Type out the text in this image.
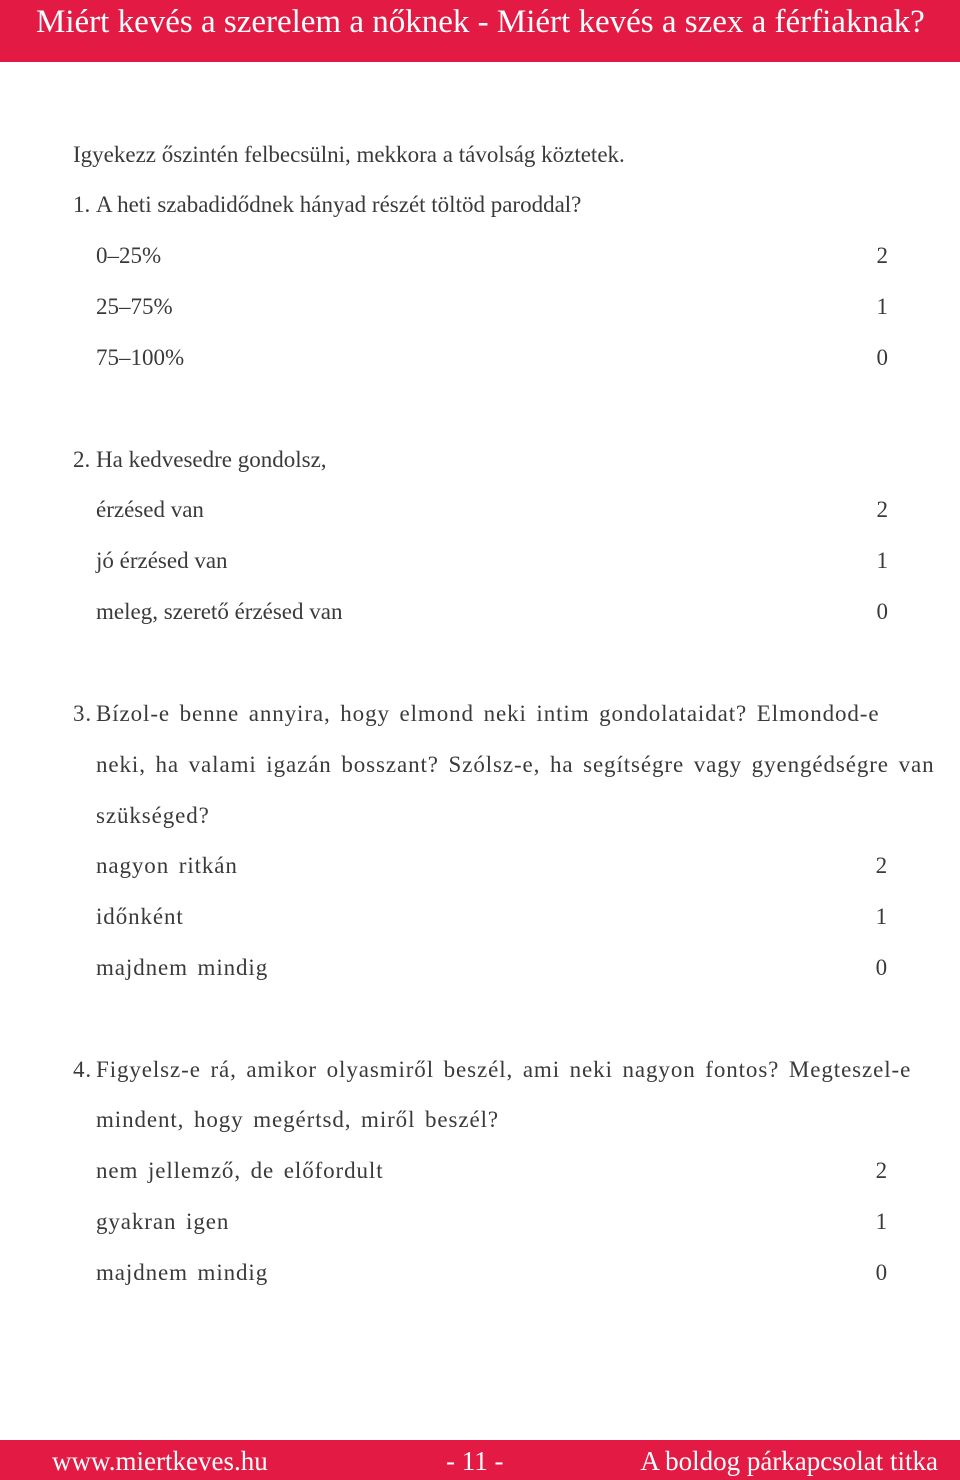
Miért kevés a szerelem a nőknek - Miért kevés a szex a férfiaknak?
Igyekezz őszintén felbecsülni, mekkora a távolság köztetek.
1. A heti szabadidődnek hányad részét töltöd paroddal?
0–25%	2
25–75%	1
75–100%	0
2. Ha kedvesedre gondolsz,
érzésed van	2
jó érzésed van	1
meleg, szerető érzésed van	0
3. Bízol-e benne annyira, hogy elmond neki intim gondolataidat? Elmondod-e
neki, ha valami igazán bosszant? Szólsz-e, ha segítségre vagy gyengédségre van
szükséged?
nagyon ritkán	2
időnként	1
majdnem mindig	0
4. Figyelsz-e rá, amikor olyasmiről beszél, ami neki nagyon fontos? Megteszel-e
mindent, hogy megértsd, miről beszél?
nem jellemző, de előfordult	2
gyakran igen	1
majdnem mindig	0
www.miertkeves.hu	- 11 -	A boldog párkapcsolat titka
